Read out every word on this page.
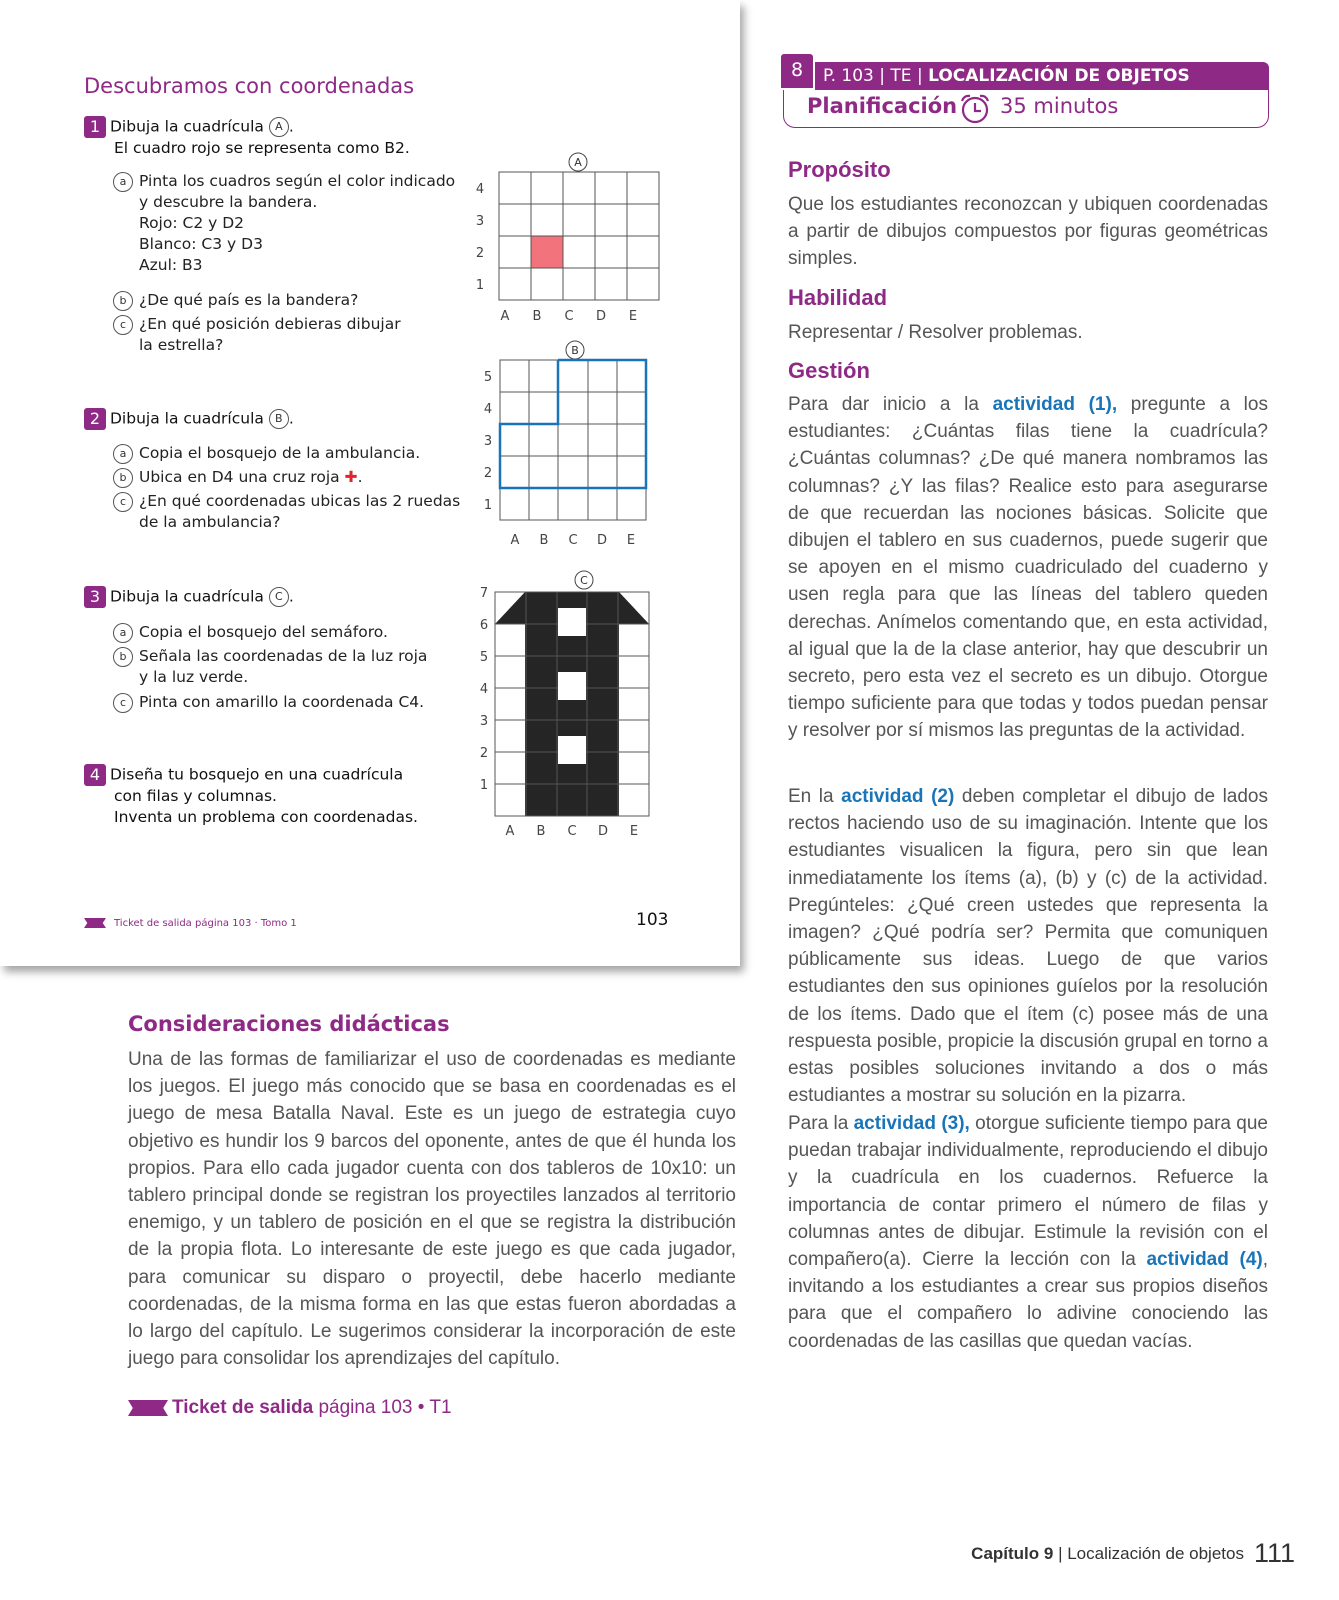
Descubramos con coordenadas
1 Dibuja la cuadrícula A .
El cuadro rojo se representa como B2.
a Pinta los cuadros según el color indicado
y descubre la bandera.
Rojo: C2 y D2
Blanco: C3 y D3
Azul: B3
b ¿De qué país es la bandera?
c ¿En qué posición debieras dibujar
la estrella?
2 Dibuja la cuadrícula B .
a Copia el bosquejo de la ambulancia.
b Ubica en D4 una cruz roja ✚.
c ¿En qué coordenadas ubicas las 2 ruedas
de la ambulancia?
3 Dibuja la cuadrícula C .
a Copia el bosquejo del semáforo.
b Señala las coordenadas de la luz roja
y la luz verde.
c Pinta con amarillo la coordenada C4.
4 Diseña tu bosquejo en una cuadrícula
con filas y columnas.
Inventa un problema con coordenadas.
A
4
3
2
1
A B C D E
B
5
4
3
2
1
A B C D E
C
7
6
5
4
3
2
1
A B C D E
Ticket de salida página 103 · Tomo 1	103
Consideraciones didácticas
Una de las formas de familiarizar el uso de coordenadas es mediante los juegos. El juego más conocido que se basa en coordenadas es el juego de mesa Batalla Naval. Este es un juego de estrategia cuyo objetivo es hundir los 9 barcos del oponente, antes de que él hunda los propios. Para ello cada jugador cuenta con dos tableros de 10x10: un tablero principal donde se registran los proyectiles lanzados al territorio enemigo, y un tablero de posición en el que se registra la distribución de la propia flota. Lo interesante de este juego es que cada jugador, para comunicar su disparo o proyectil, debe hacerlo mediante coordenadas, de la misma forma en las que estas fueron abordadas a lo largo del capítulo. Le sugerimos considerar la incorporación de este juego para consolidar los aprendizajes del capítulo.
Ticket de salida página 103 • T1
8	P. 103 | TE | LOCALIZACIÓN DE OBJETOS
Planificación 35 minutos
Propósito
Que los estudiantes reconozcan y ubiquen coordenadas a partir de dibujos compuestos por figuras geométricas simples.
Habilidad
Representar / Resolver problemas.
Gestión
Para dar inicio a la actividad (1), pregunte a los estudiantes: ¿Cuántas filas tiene la cuadrícula? ¿Cuántas columnas? ¿De qué manera nombramos las columnas? ¿Y las filas? Realice esto para asegurarse de que recuerdan las nociones básicas. Solicite que dibujen el tablero en sus cuadernos, puede sugerir que se apoyen en el mismo cuadriculado del cuaderno y usen regla para que las líneas del tablero queden derechas. Anímelos comentando que, en esta actividad, al igual que la de la clase anterior, hay que descubrir un secreto, pero esta vez el secreto es un dibujo. Otorgue tiempo suficiente para que todas y todos puedan pensar y resolver por sí mismos las preguntas de la actividad.
En la actividad (2) deben completar el dibujo de lados rectos haciendo uso de su imaginación. Intente que los estudiantes visualicen la figura, pero sin que lean inmediatamente los ítems (a), (b) y (c) de la actividad. Pregúnteles: ¿Qué creen ustedes que representa la imagen? ¿Qué podría ser? Permita que comuniquen públicamente sus ideas. Luego de que varios estudiantes den sus opiniones guíelos por la resolución de los ítems. Dado que el ítem (c) posee más de una respuesta posible, propicie la discusión grupal en torno a estas posibles soluciones invitando a dos o más estudiantes a mostrar su solución en la pizarra.
Para la actividad (3), otorgue suficiente tiempo para que puedan trabajar individualmente, reproduciendo el dibujo y la cuadrícula en los cuadernos. Refuerce la importancia de contar primero el número de filas y columnas antes de dibujar. Estimule la revisión con el compañero(a). Cierre la lección con la actividad (4), invitando a los estudiantes a crear sus propios diseños para que el compañero lo adivine conociendo las coordenadas de las casillas que quedan vacías.
Capítulo 9 | Localización de objetos 111
